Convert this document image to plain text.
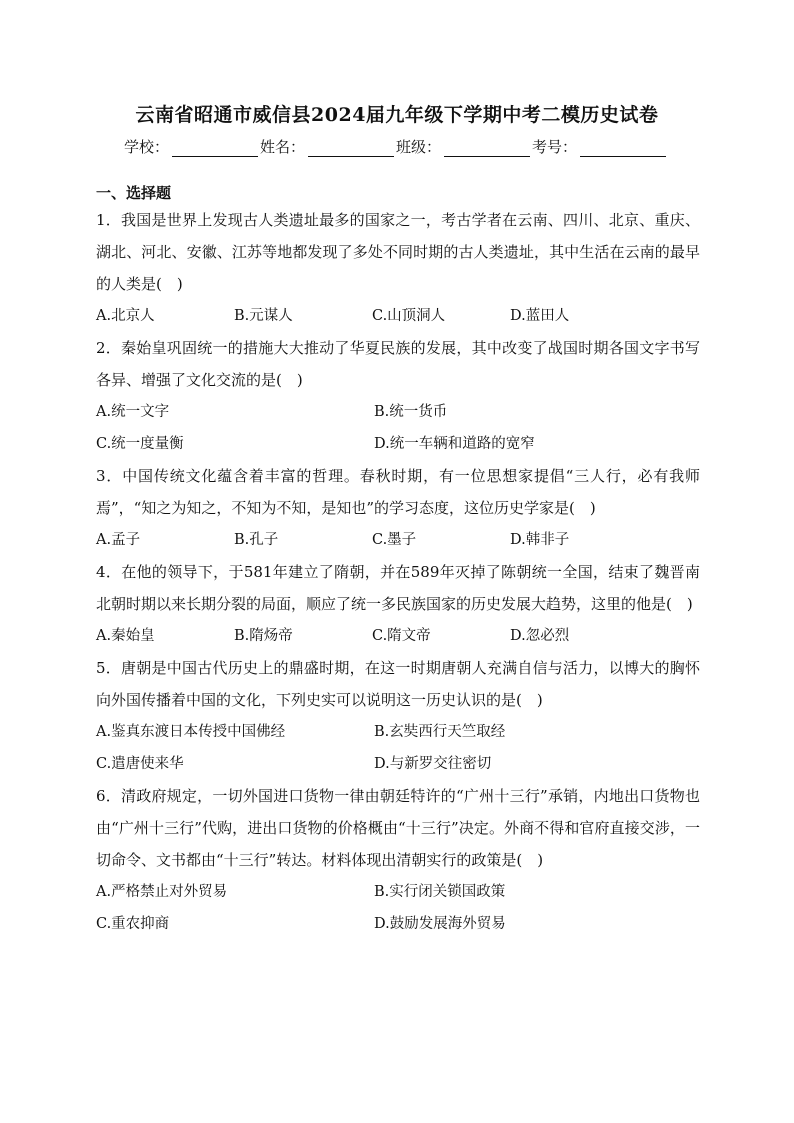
云南省昭通市威信县2024届九年级下学期中考二模历史试卷
学校：	姓名：	班级：	考号：
一、选择题
1．我国是世界上发现古人类遗址最多的国家之一，考古学者在云南、四川、北京、重庆、湖北、河北、安徽、江苏等地都发现了多处不同时期的古人类遗址，其中生活在云南的最早的人类是(　)
A.北京人	B.元谋人	C.山顶洞人	D.蓝田人
2．秦始皇巩固统一的措施大大推动了华夏民族的发展，其中改变了战国时期各国文字书写各异、增强了文化交流的是(　)
A.统一文字	B.统一货币
C.统一度量衡	D.统一车辆和道路的宽窄
3．中国传统文化蕴含着丰富的哲理。春秋时期，有一位思想家提倡“三人行，必有我师焉”，“知之为知之，不知为不知，是知也”的学习态度，这位历史学家是(　)
A.孟子	B.孔子	C.墨子	D.韩非子
4．在他的领导下，于581年建立了隋朝，并在589年灭掉了陈朝统一全国，结束了魏晋南北朝时期以来长期分裂的局面，顺应了统一多民族国家的历史发展大趋势，这里的他是(　)
A.秦始皇	B.隋炀帝	C.隋文帝	D.忽必烈
5．唐朝是中国古代历史上的鼎盛时期，在这一时期唐朝人充满自信与活力，以博大的胸怀向外国传播着中国的文化，下列史实可以说明这一历史认识的是(　)
A.鉴真东渡日本传授中国佛经	B.玄奘西行天竺取经
C.遣唐使来华	D.与新罗交往密切
6．清政府规定，一切外国进口货物一律由朝廷特许的“广州十三行”承销，内地出口货物也由“广州十三行”代购，进出口货物的价格概由“十三行”决定。外商不得和官府直接交涉，一切命令、文书都由“十三行”转达。材料体现出清朝实行的政策是(　)
A.严格禁止对外贸易	B.实行闭关锁国政策
C.重农抑商	D.鼓励发展海外贸易
